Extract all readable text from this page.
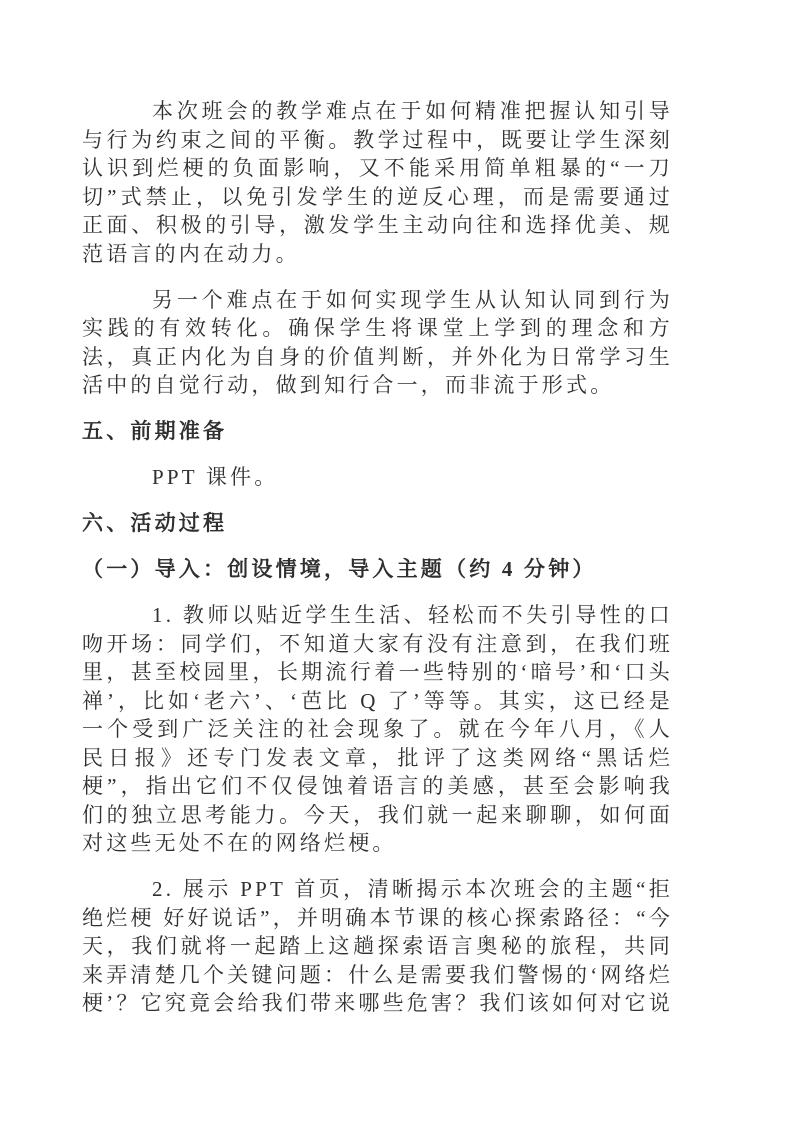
本次班会的教学难点在于如何精准把握认知引导与行为约束之间的平衡。教学过程中，既要让学生深刻认识到烂梗的负面影响，又不能采用简单粗暴的“一刀切”式禁止，以免引发学生的逆反心理，而是需要通过正面、积极的引导，激发学生主动向往和选择优美、规范语言的内在动力。

另一个难点在于如何实现学生从认知认同到行为实践的有效转化。确保学生将课堂上学到的理念和方法，真正内化为自身的价值判断，并外化为日常学习生活中的自觉行动，做到知行合一，而非流于形式。

五、前期准备

PPT 课件。

六、活动过程
（一）导入：创设情境，导入主题（约 4 分钟）

1. 教师以贴近学生生活、轻松而不失引导性的口吻开场：同学们，不知道大家有没有注意到，在我们班里，甚至校园里，长期流行着一些特别的‘暗号’和‘口头禅’，比如‘老六’、‘芭比 Q 了’等等。其实，这已经是一个受到广泛关注的社会现象了。就在今年八月，《人民日报》还专门发表文章，批评了这类网络“黑话烂梗”，指出它们不仅侵蚀着语言的美感，甚至会影响我们的独立思考能力。今天，我们就一起来聊聊，如何面对这些无处不在的网络烂梗。

2. 展示 PPT 首页，清晰揭示本次班会的主题“拒绝烂梗 好好说话”，并明确本节课的核心探索路径：“今天，我们就将一起踏上这趟探索语言奥秘的旅程，共同来弄清楚几个关键问题：什么是需要我们警惕的‘网络烂梗’？它究竟会给我们带来哪些危害？我们该如何对它说
